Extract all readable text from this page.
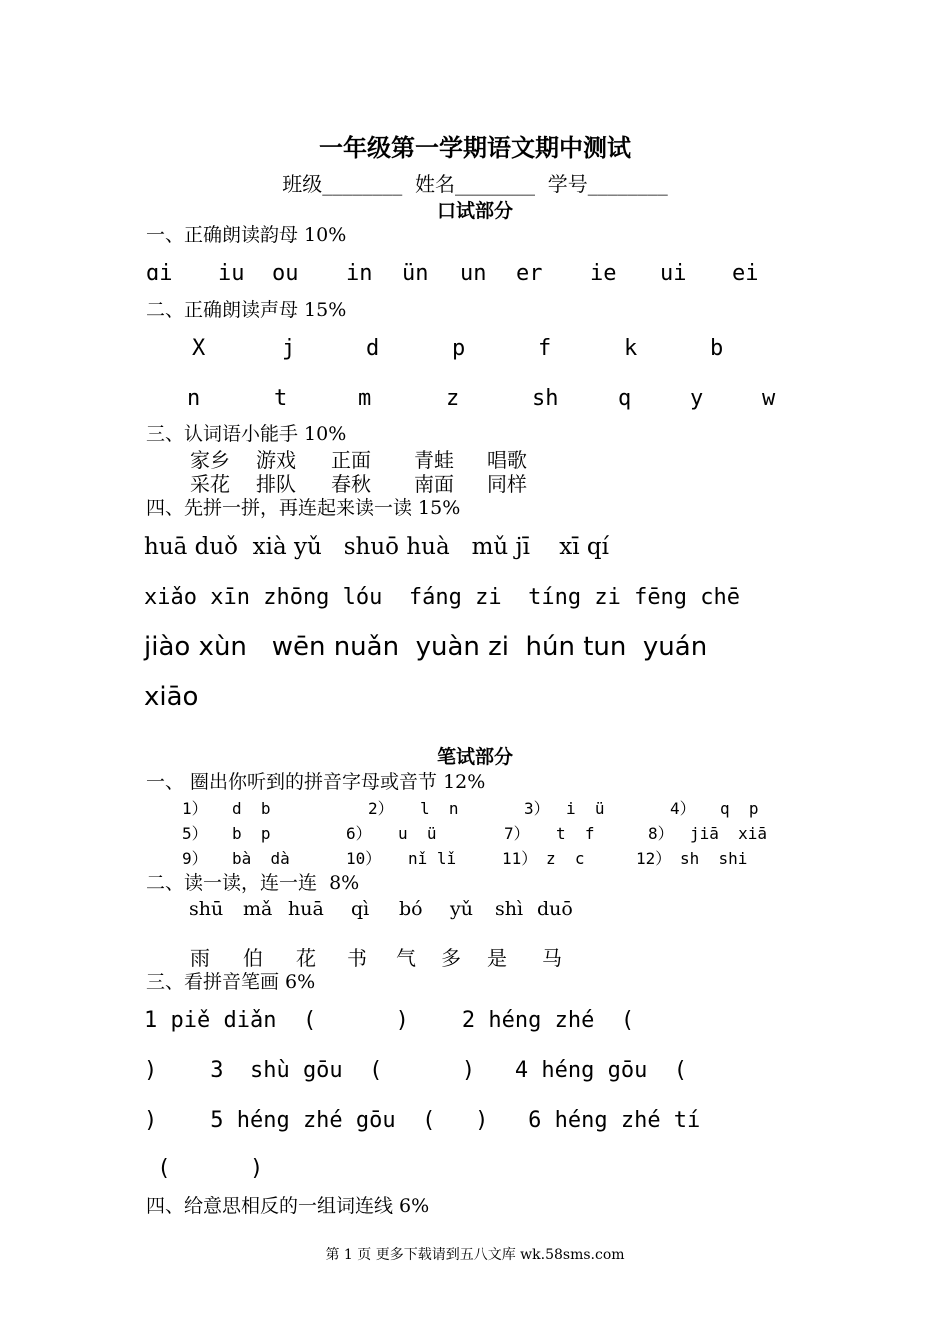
一年级第一学期语文期中测试
班级________  姓名________  学号________
口试部分
一、正确朗读韵母 10%
ɑi iu ou in ün un er ie ui ei
二、正确朗读声母 15%
X	j	d	p	f	k	b
n	t	m	z	sh	q	y	w
三、认词语小能手 10%
家乡 游戏 正面 青蛙 唱歌
采花 排队 春秋 南面 同样
四、先拼一拼，再连起来读一读 15%
huā duǒ  xià yǔ   shuō huà   mǔ jī    xī qí
xiǎo xīn zhōng lóu  fáng zi  tíng zi fēng chē
jiào xùn   wēn nuǎn  yuàn zi  hún tun  yuán
xiāo
笔试部分
一、 圈出你听到的拼音字母或音节 12%
1） d  b	2） l  n	3） i  ü	4） q  p
5） b  p	6） u  ü	7） t  f	8） jiā  xiā
9） bà  dà	10） nǐ lǐ	11） z  c	12） sh  shi
二、读一读，连一连  8%
shū mǎ huā qì bó yǔ shì duō
雨 伯 花 书 气 多 是 马
三、看拼音笔画 6%
1 piě diǎn  (      )    2 héng zhé  (
)    3  shù gōu  (      )   4 héng gōu  (
)    5 héng zhé gōu  (   )   6 héng zhé tí
(      )
四、给意思相反的一组词连线 6%
第 1 页 更多下载请到五八文库 wk.58sms.com
